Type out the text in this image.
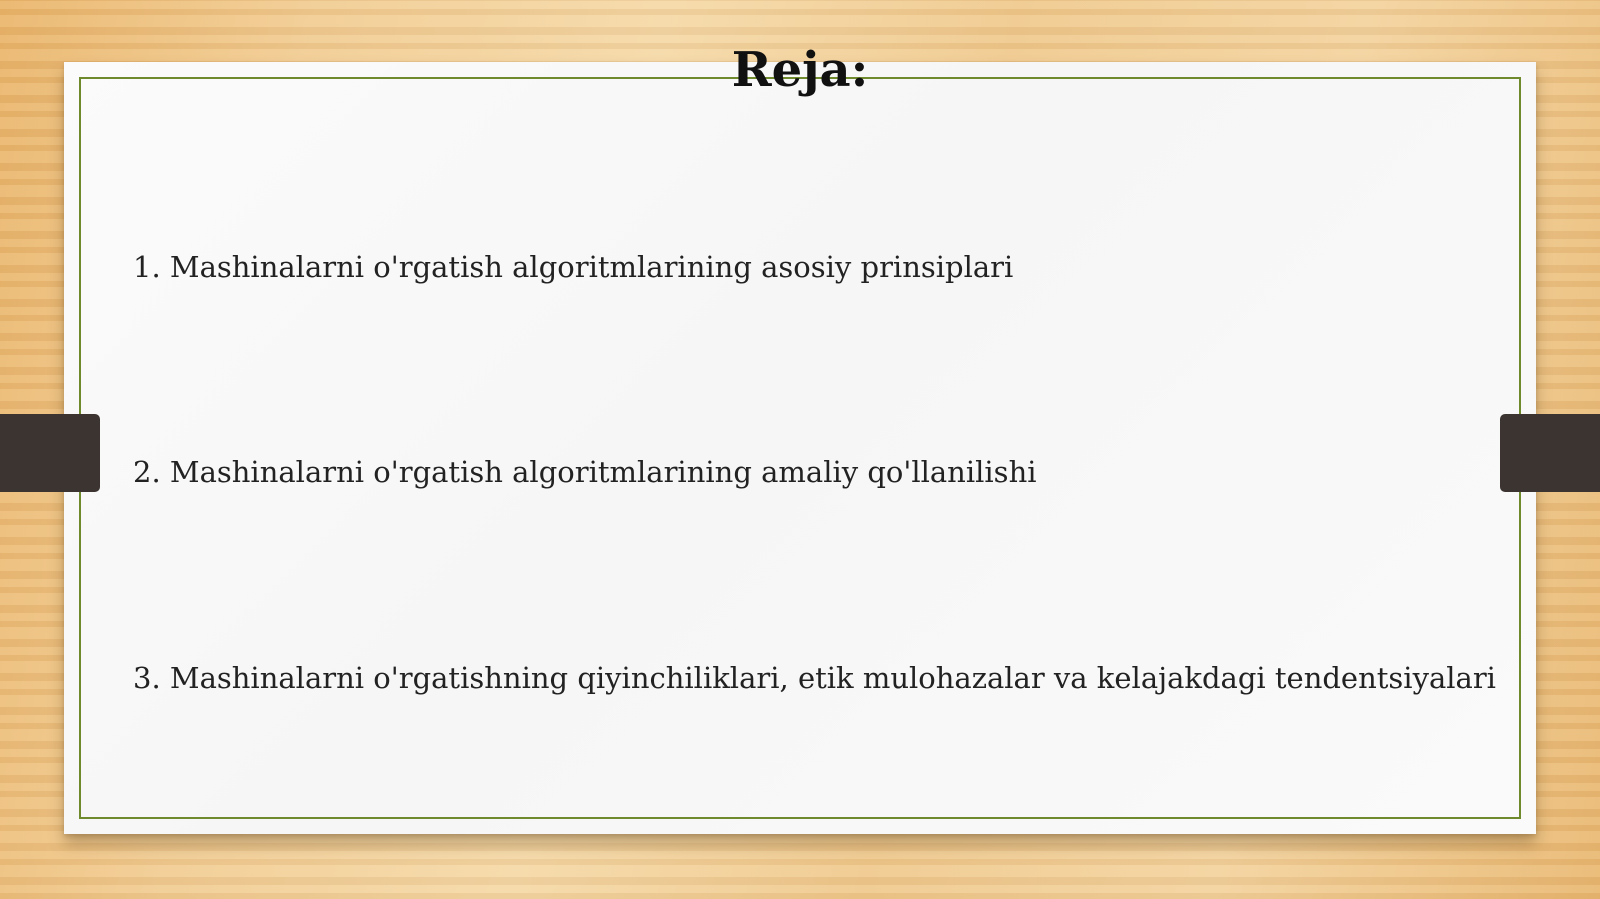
Reja:

1. Mashinalarni o'rgatish algoritmlarining asosiy prinsiplari

2. Mashinalarni o'rgatish algoritmlarining amaliy qo'llanilishi

3. Mashinalarni o'rgatishning qiyinchiliklari, etik mulohazalar va kelajakdagi tendentsiyalari
